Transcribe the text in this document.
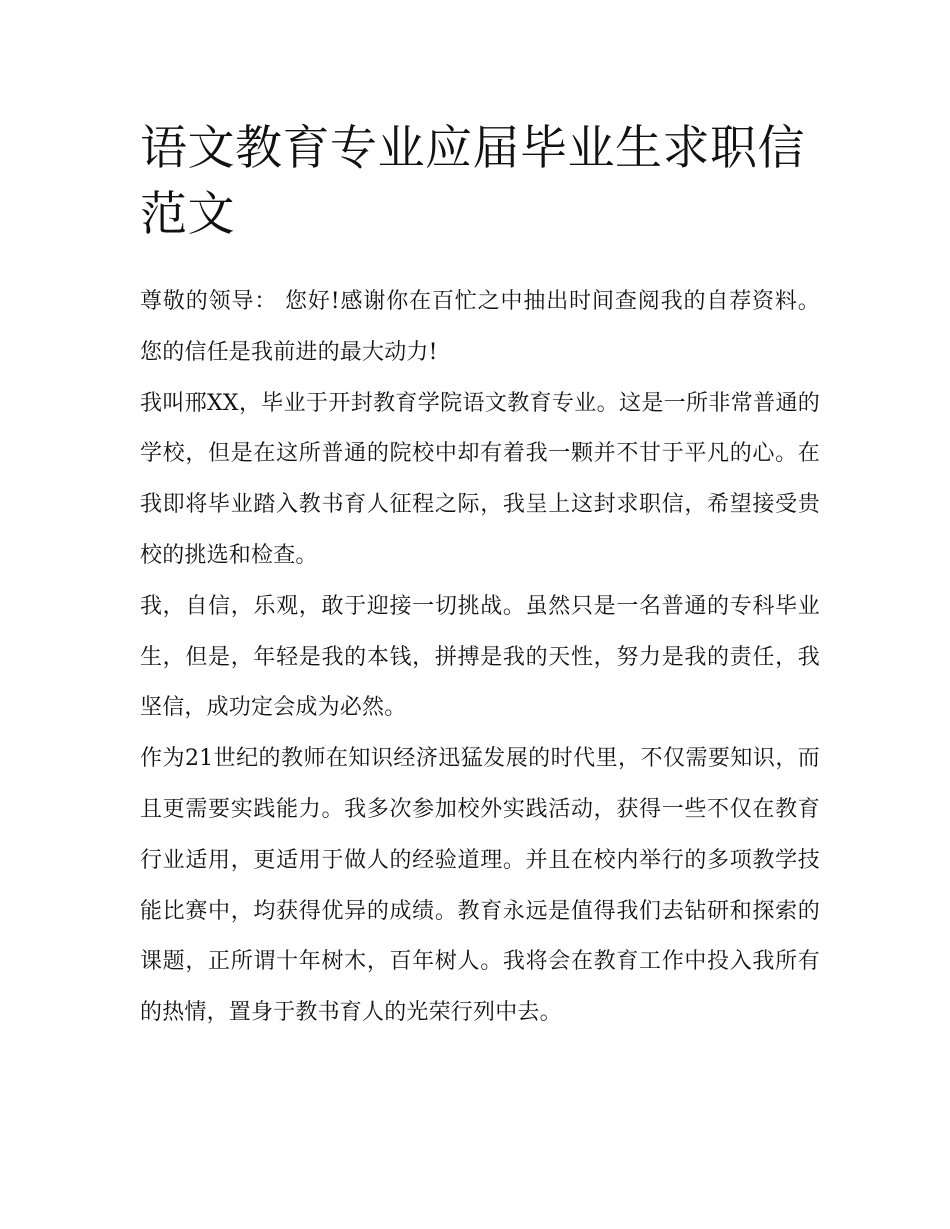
语文教育专业应届毕业生求职信范文

尊敬的领导： 您好!感谢你在百忙之中抽出时间查阅我的自荐资料。 您的信任是我前进的最大动力!

我叫邢XX，毕业于开封教育学院语文教育专业。这是一所非常普通的学校，但是在这所普通的院校中却有着我一颗并不甘于平凡的心。在我即将毕业踏入教书育人征程之际，我呈上这封求职信，希望接受贵校的挑选和检查。

我，自信，乐观，敢于迎接一切挑战。虽然只是一名普通的专科毕业生，但是，年轻是我的本钱，拼搏是我的天性，努力是我的责任，我坚信，成功定会成为必然。

作为21世纪的教师在知识经济迅猛发展的时代里，不仅需要知识，而且更需要实践能力。我多次参加校外实践活动，获得一些不仅在教育行业适用，更适用于做人的经验道理。并且在校内举行的多项教学技能比赛中，均获得优异的成绩。教育永远是值得我们去钻研和探索的课题，正所谓十年树木，百年树人。我将会在教育工作中投入我所有的热情，置身于教书育人的光荣行列中去。
